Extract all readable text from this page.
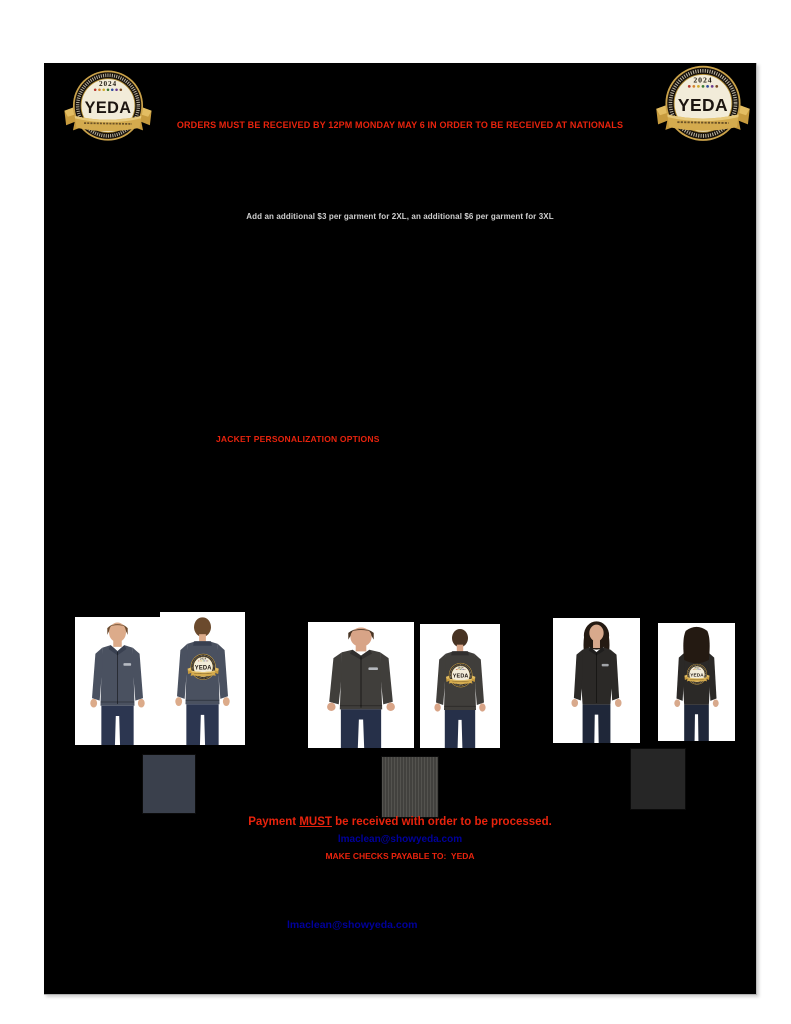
ORDERS MUST BE RECEIVED BY 12PM MONDAY MAY 6 IN ORDER TO BE RECEIVED AT NATIONALS
Add an additional $3 per garment for 2XL, an additional $6 per garment for 3XL
JACKET PERSONALIZATION OPTIONS
Payment MUST be received with order to be processed.
lmaclean@showyeda.com
MAKE CHECKS PAYABLE TO:  YEDA
lmaclean@showyeda.com
